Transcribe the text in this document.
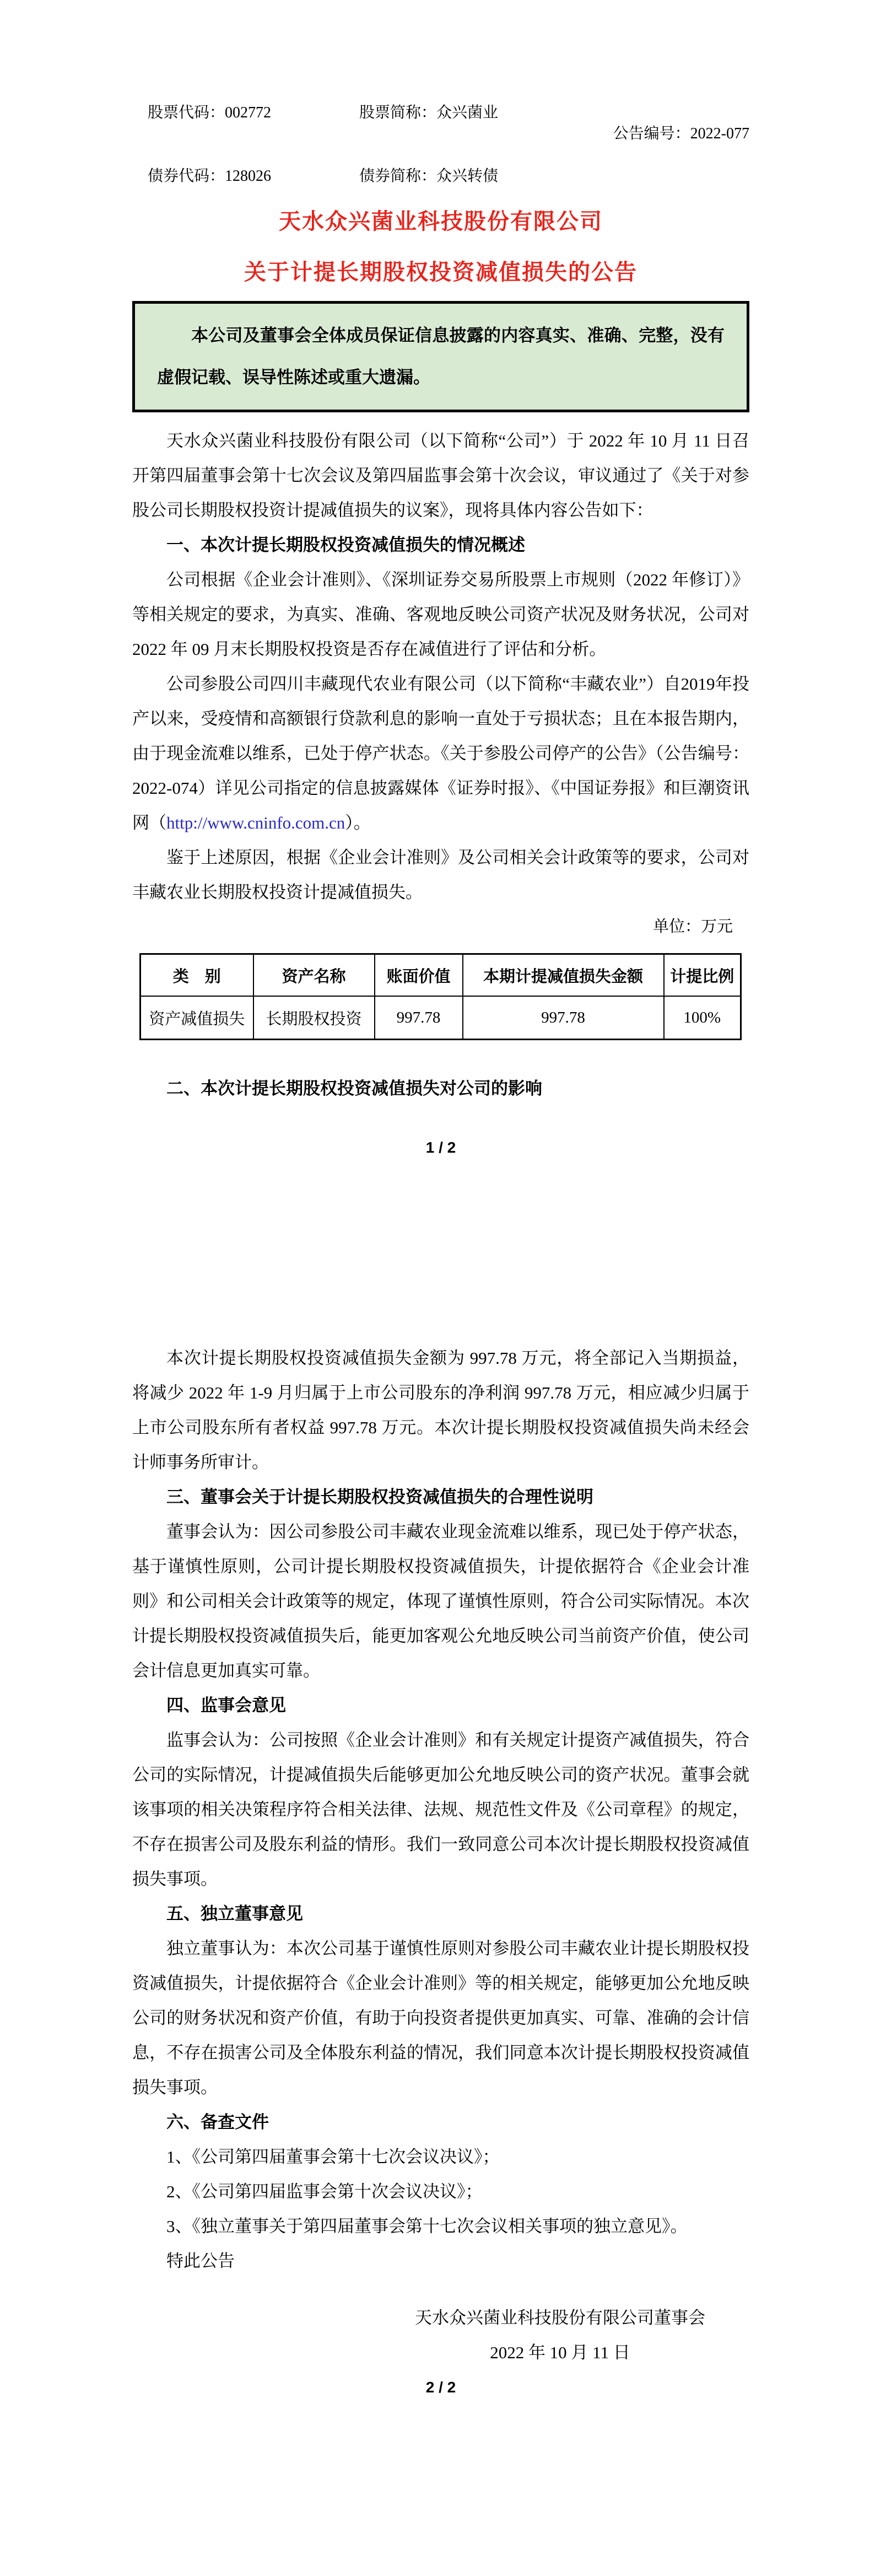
股票代码：002772	股票简称：众兴菌业
债券代码：128026	债券简称：众兴转债
公告编号：2022-077
天水众兴菌业科技股份有限公司
关于计提长期股权投资减值损失的公告
本公司及董事会全体成员保证信息披露的内容真实、准确、完整，没有虚假记载、误导性陈述或重大遗漏。

天水众兴菌业科技股份有限公司（以下简称“公司”）于 2022 年 10 月 11 日召开第四届董事会第十七次会议及第四届监事会第十次会议，审议通过了《关于对参股公司长期股权投资计提减值损失的议案》，现将具体内容公告如下：

一、本次计提长期股权投资减值损失的情况概述

公司根据《企业会计准则》、《深圳证券交易所股票上市规则（2022 年修订）》等相关规定的要求，为真实、准确、客观地反映公司资产状况及财务状况，公司对 2022 年 09 月末长期股权投资是否存在减值进行了评估和分析。

公司参股公司四川丰藏现代农业有限公司（以下简称“丰藏农业”）自2019年投产以来，受疫情和高额银行贷款利息的影响一直处于亏损状态；且在本报告期内，由于现金流难以维系，已处于停产状态。《关于参股公司停产的公告》（公告编号：2022-074）详见公司指定的信息披露媒体《证券时报》、《中国证券报》和巨潮资讯网（http://www.cninfo.com.cn）。

鉴于上述原因，根据《企业会计准则》及公司相关会计政策等的要求，公司对丰藏农业长期股权投资计提减值损失。

单位：万元

类　别	资产名称	账面价值	本期计提减值损失金额	计提比例
资产减值损失	长期股权投资	997.78	997.78	100%

二、本次计提长期股权投资减值损失对公司的影响

1 / 2

本次计提长期股权投资减值损失金额为 997.78 万元，将全部记入当期损益，将减少 2022 年 1-9 月归属于上市公司股东的净利润 997.78 万元，相应减少归属于上市公司股东所有者权益 997.78 万元。本次计提长期股权投资减值损失尚未经会计师事务所审计。

三、董事会关于计提长期股权投资减值损失的合理性说明

董事会认为：因公司参股公司丰藏农业现金流难以维系，现已处于停产状态，基于谨慎性原则，公司计提长期股权投资减值损失，计提依据符合《企业会计准则》和公司相关会计政策等的规定，体现了谨慎性原则，符合公司实际情况。本次计提长期股权投资减值损失后，能更加客观公允地反映公司当前资产价值，使公司会计信息更加真实可靠。

四、监事会意见

监事会认为：公司按照《企业会计准则》和有关规定计提资产减值损失，符合公司的实际情况，计提减值损失后能够更加公允地反映公司的资产状况。董事会就该事项的相关决策程序符合相关法律、法规、规范性文件及《公司章程》的规定，不存在损害公司及股东利益的情形。我们一致同意公司本次计提长期股权投资减值损失事项。

五、独立董事意见

独立董事认为：本次公司基于谨慎性原则对参股公司丰藏农业计提长期股权投资减值损失，计提依据符合《企业会计准则》等的相关规定，能够更加公允地反映公司的财务状况和资产价值，有助于向投资者提供更加真实、可靠、准确的会计信息，不存在损害公司及全体股东利益的情况，我们同意本次计提长期股权投资减值损失事项。

六、备查文件

1、《公司第四届董事会第十七次会议决议》；

2、《公司第四届监事会第十次会议决议》；

3、《独立董事关于第四届董事会第十七次会议相关事项的独立意见》。

特此公告

天水众兴菌业科技股份有限公司董事会
2022 年 10 月 11 日

2 / 2
